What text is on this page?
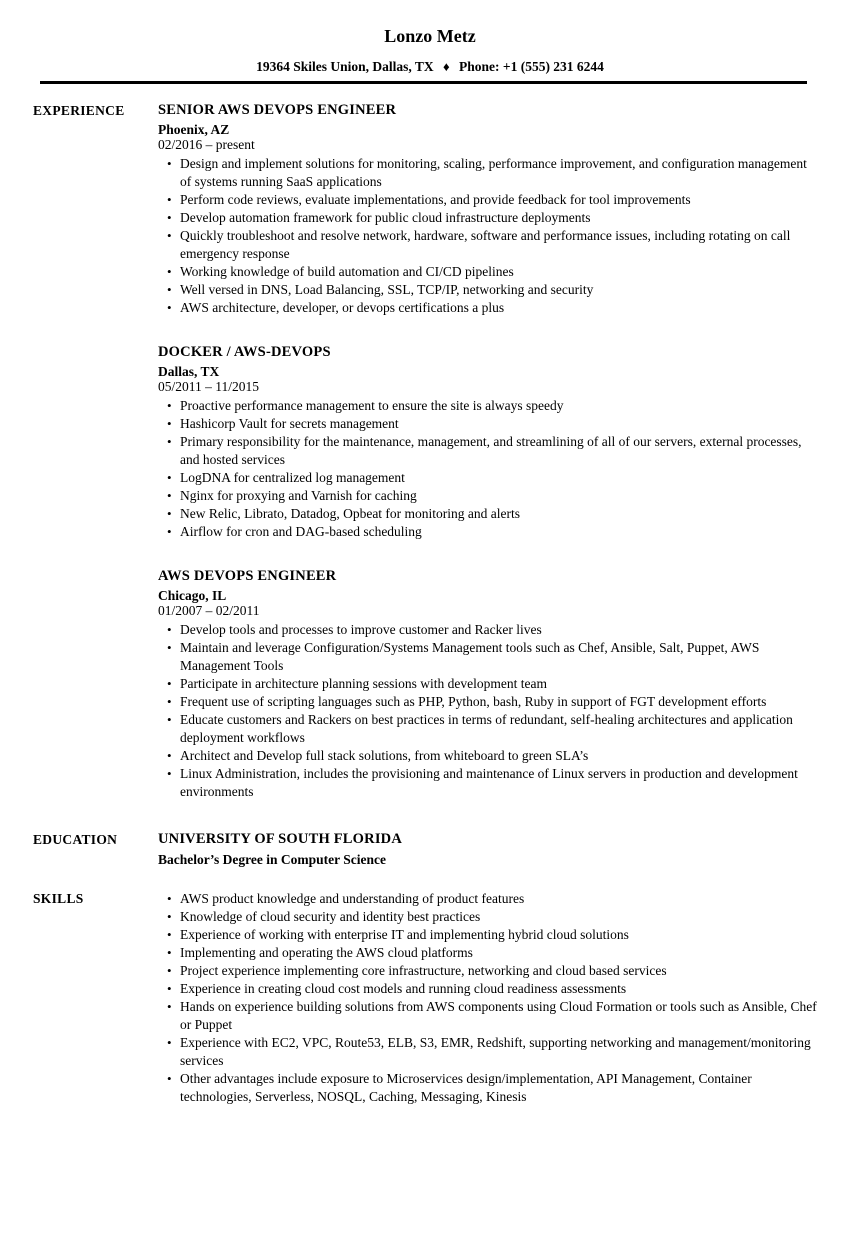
Lonzo Metz
19364 Skiles Union, Dallas, TX ♦ Phone: +1 (555) 231 6244
EXPERIENCE	SENIOR AWS DEVOPS ENGINEER
Phoenix, AZ
02/2016 – present
• Design and implement solutions for monitoring, scaling, performance improvement, and configuration management of systems running SaaS applications
• Perform code reviews, evaluate implementations, and provide feedback for tool improvements
• Develop automation framework for public cloud infrastructure deployments
• Quickly troubleshoot and resolve network, hardware, software and performance issues, including rotating on call emergency response
• Working knowledge of build automation and CI/CD pipelines
• Well versed in DNS, Load Balancing, SSL, TCP/IP, networking and security
• AWS architecture, developer, or devops certifications a plus
DOCKER / AWS-DEVOPS
Dallas, TX
05/2011 – 11/2015
• Proactive performance management to ensure the site is always speedy
• Hashicorp Vault for secrets management
• Primary responsibility for the maintenance, management, and streamlining of all of our servers, external processes, and hosted services
• LogDNA for centralized log management
• Nginx for proxying and Varnish for caching
• New Relic, Librato, Datadog, Opbeat for monitoring and alerts
• Airflow for cron and DAG-based scheduling
AWS DEVOPS ENGINEER
Chicago, IL
01/2007 – 02/2011
• Develop tools and processes to improve customer and Racker lives
• Maintain and leverage Configuration/Systems Management tools such as Chef, Ansible, Salt, Puppet, AWS Management Tools
• Participate in architecture planning sessions with development team
• Frequent use of scripting languages such as PHP, Python, bash, Ruby in support of FGT development efforts
• Educate customers and Rackers on best practices in terms of redundant, self-healing architectures and application deployment workflows
• Architect and Develop full stack solutions, from whiteboard to green SLA’s
• Linux Administration, includes the provisioning and maintenance of Linux servers in production and development environments
EDUCATION	UNIVERSITY OF SOUTH FLORIDA
Bachelor’s Degree in Computer Science
SKILLS	• AWS product knowledge and understanding of product features
• Knowledge of cloud security and identity best practices
• Experience of working with enterprise IT and implementing hybrid cloud solutions
• Implementing and operating the AWS cloud platforms
• Project experience implementing core infrastructure, networking and cloud based services
• Experience in creating cloud cost models and running cloud readiness assessments
• Hands on experience building solutions from AWS components using Cloud Formation or tools such as Ansible, Chef or Puppet
• Experience with EC2, VPC, Route53, ELB, S3, EMR, Redshift, supporting networking and management/monitoring services
• Other advantages include exposure to Microservices design/implementation, API Management, Container technologies, Serverless, NOSQL, Caching, Messaging, Kinesis
